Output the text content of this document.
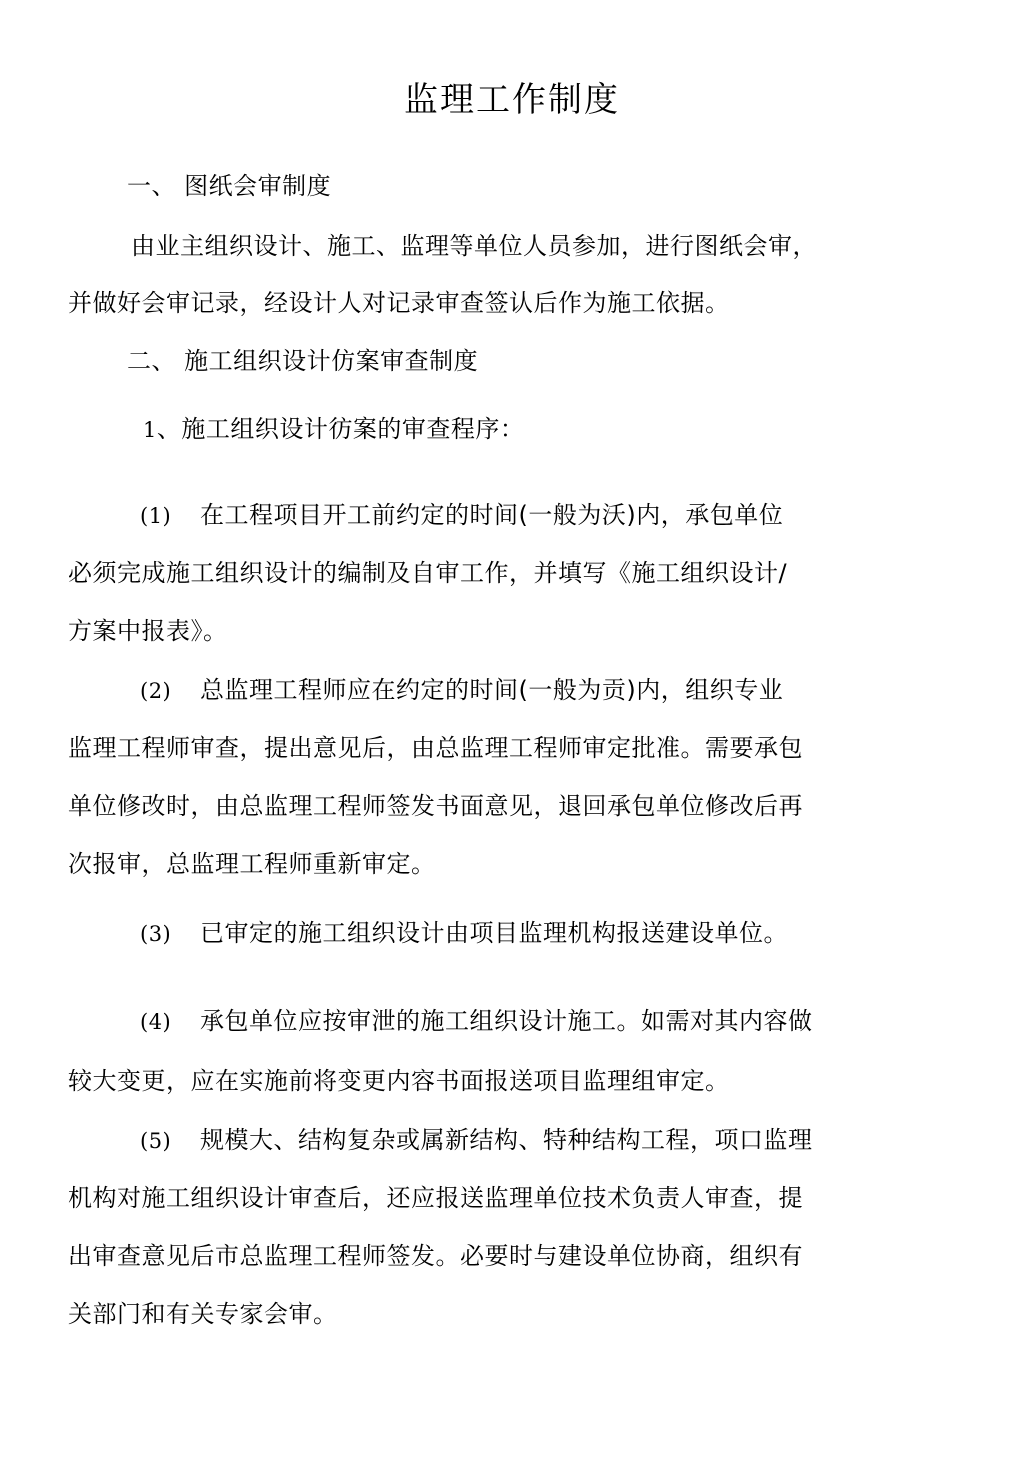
监理工作制度
一、 图纸会审制度
由业主组织设计、施工、监理等单位人员参加，进行图纸会审，
并做好会审记录，经设计人对记录审查签认后作为施工依据。
二、 施工组织设计仿案审查制度
1、施工组织设计彷案的审查程序：
(1) 在工程项目开工前约定的时间(一般为沃)内，承包单位
必须完成施工组织设计的编制及自审工作，并填写《施工组织设计/
方案中报表》。
(2) 总监理工程师应在约定的时间(一般为贡)内，组织专业
监理工程师审查，提出意见后，由总监理工程师审定批准。需要承包
单位修改时，由总监理工程师签发书面意见，退回承包单位修改后再
次报审，总监理工程师重新审定。
(3) 已审定的施工组织设计由项目监理机构报送建设单位。
(4) 承包单位应按审泄的施工组织设计施工。如需对其内容做
较大变更，应在实施前将变更内容书面报送项目监理组审定。
(5) 规模大、结构复杂或属新结构、特种结构工程，项口监理
机构对施工组织设计审查后，还应报送监理单位技术负责人审查，提
出审查意见后市总监理工程师签发。必要时与建设单位协商，组织有
关部门和有关专家会审。
